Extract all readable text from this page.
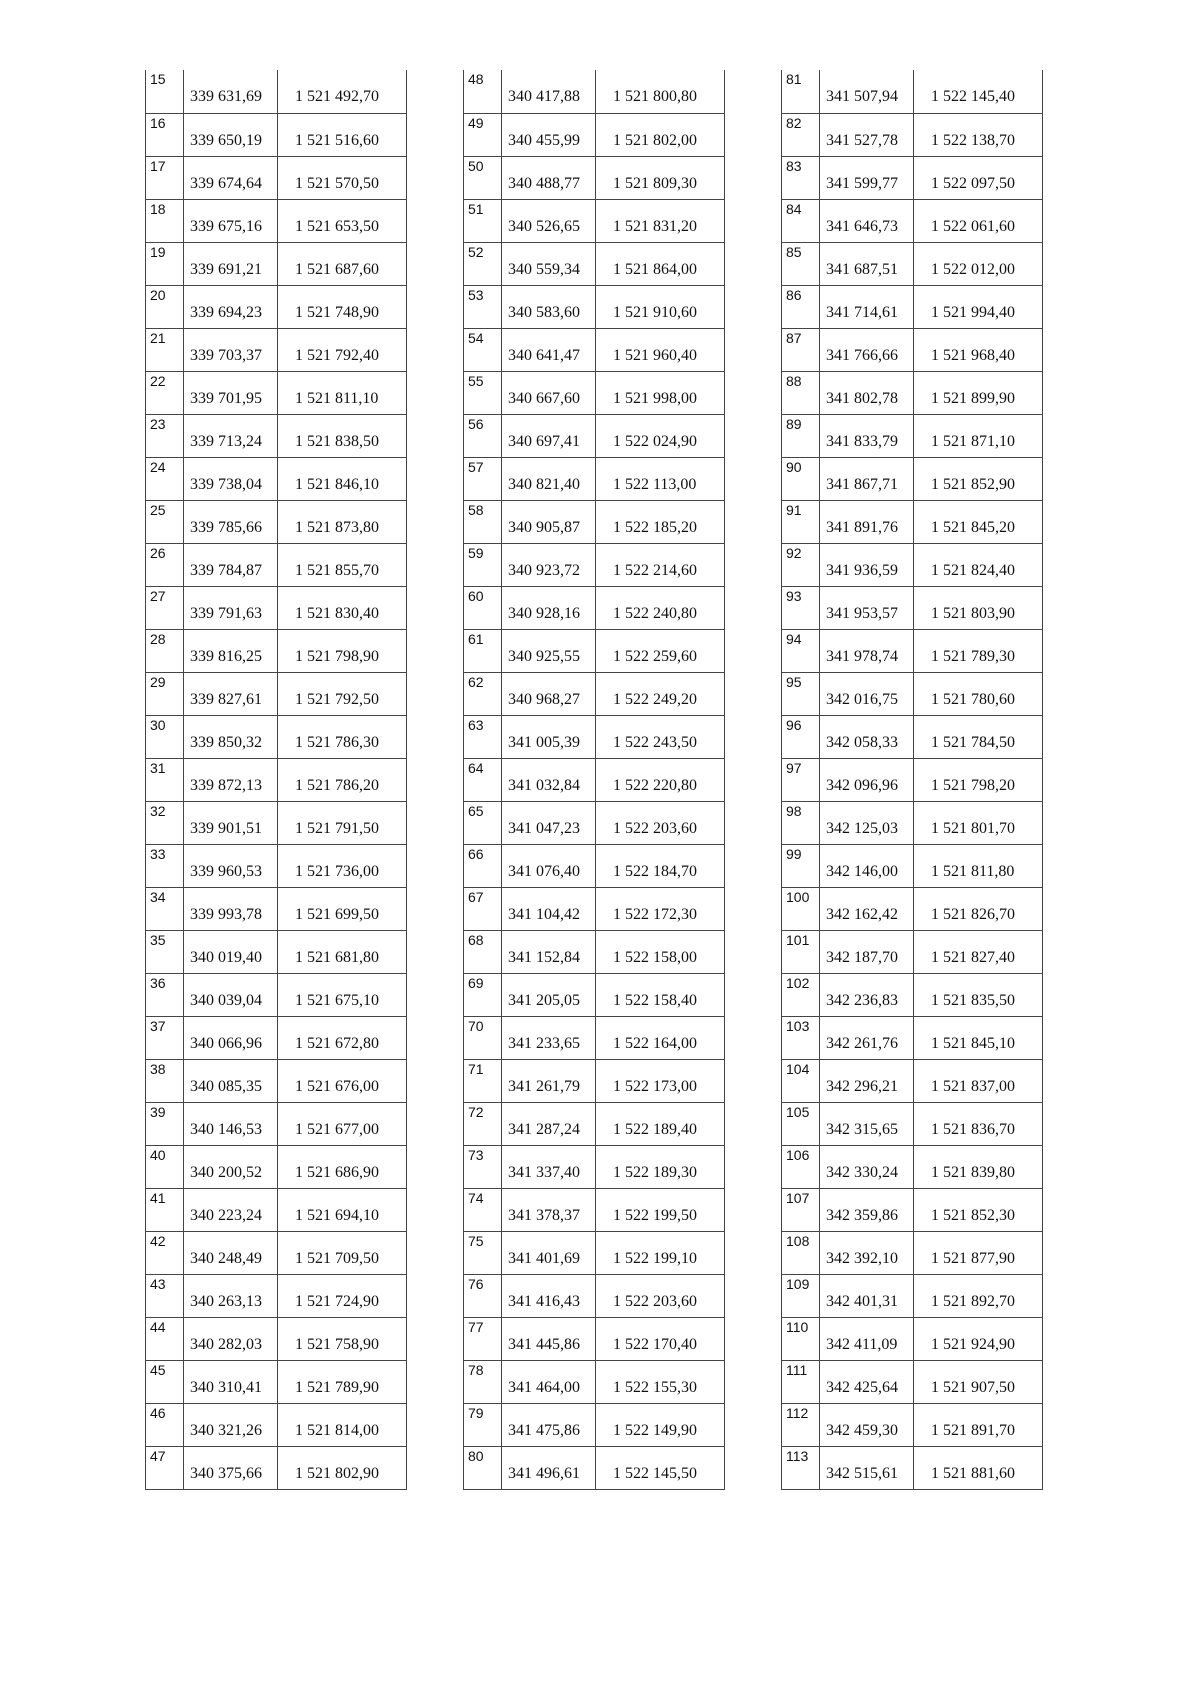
15	339 631,69	1 521 492,70
16	339 650,19	1 521 516,60
17	339 674,64	1 521 570,50
18	339 675,16	1 521 653,50
19	339 691,21	1 521 687,60
20	339 694,23	1 521 748,90
21	339 703,37	1 521 792,40
22	339 701,95	1 521 811,10
23	339 713,24	1 521 838,50
24	339 738,04	1 521 846,10
25	339 785,66	1 521 873,80
26	339 784,87	1 521 855,70
27	339 791,63	1 521 830,40
28	339 816,25	1 521 798,90
29	339 827,61	1 521 792,50
30	339 850,32	1 521 786,30
31	339 872,13	1 521 786,20
32	339 901,51	1 521 791,50
33	339 960,53	1 521 736,00
34	339 993,78	1 521 699,50
35	340 019,40	1 521 681,80
36	340 039,04	1 521 675,10
37	340 066,96	1 521 672,80
38	340 085,35	1 521 676,00
39	340 146,53	1 521 677,00
40	340 200,52	1 521 686,90
41	340 223,24	1 521 694,10
42	340 248,49	1 521 709,50
43	340 263,13	1 521 724,90
44	340 282,03	1 521 758,90
45	340 310,41	1 521 789,90
46	340 321,26	1 521 814,00
47	340 375,66	1 521 802,90
48	340 417,88	1 521 800,80
49	340 455,99	1 521 802,00
50	340 488,77	1 521 809,30
51	340 526,65	1 521 831,20
52	340 559,34	1 521 864,00
53	340 583,60	1 521 910,60
54	340 641,47	1 521 960,40
55	340 667,60	1 521 998,00
56	340 697,41	1 522 024,90
57	340 821,40	1 522 113,00
58	340 905,87	1 522 185,20
59	340 923,72	1 522 214,60
60	340 928,16	1 522 240,80
61	340 925,55	1 522 259,60
62	340 968,27	1 522 249,20
63	341 005,39	1 522 243,50
64	341 032,84	1 522 220,80
65	341 047,23	1 522 203,60
66	341 076,40	1 522 184,70
67	341 104,42	1 522 172,30
68	341 152,84	1 522 158,00
69	341 205,05	1 522 158,40
70	341 233,65	1 522 164,00
71	341 261,79	1 522 173,00
72	341 287,24	1 522 189,40
73	341 337,40	1 522 189,30
74	341 378,37	1 522 199,50
75	341 401,69	1 522 199,10
76	341 416,43	1 522 203,60
77	341 445,86	1 522 170,40
78	341 464,00	1 522 155,30
79	341 475,86	1 522 149,90
80	341 496,61	1 522 145,50
81	341 507,94	1 522 145,40
82	341 527,78	1 522 138,70
83	341 599,77	1 522 097,50
84	341 646,73	1 522 061,60
85	341 687,51	1 522 012,00
86	341 714,61	1 521 994,40
87	341 766,66	1 521 968,40
88	341 802,78	1 521 899,90
89	341 833,79	1 521 871,10
90	341 867,71	1 521 852,90
91	341 891,76	1 521 845,20
92	341 936,59	1 521 824,40
93	341 953,57	1 521 803,90
94	341 978,74	1 521 789,30
95	342 016,75	1 521 780,60
96	342 058,33	1 521 784,50
97	342 096,96	1 521 798,20
98	342 125,03	1 521 801,70
99	342 146,00	1 521 811,80
100	342 162,42	1 521 826,70
101	342 187,70	1 521 827,40
102	342 236,83	1 521 835,50
103	342 261,76	1 521 845,10
104	342 296,21	1 521 837,00
105	342 315,65	1 521 836,70
106	342 330,24	1 521 839,80
107	342 359,86	1 521 852,30
108	342 392,10	1 521 877,90
109	342 401,31	1 521 892,70
110	342 411,09	1 521 924,90
111	342 425,64	1 521 907,50
112	342 459,30	1 521 891,70
113	342 515,61	1 521 881,60
